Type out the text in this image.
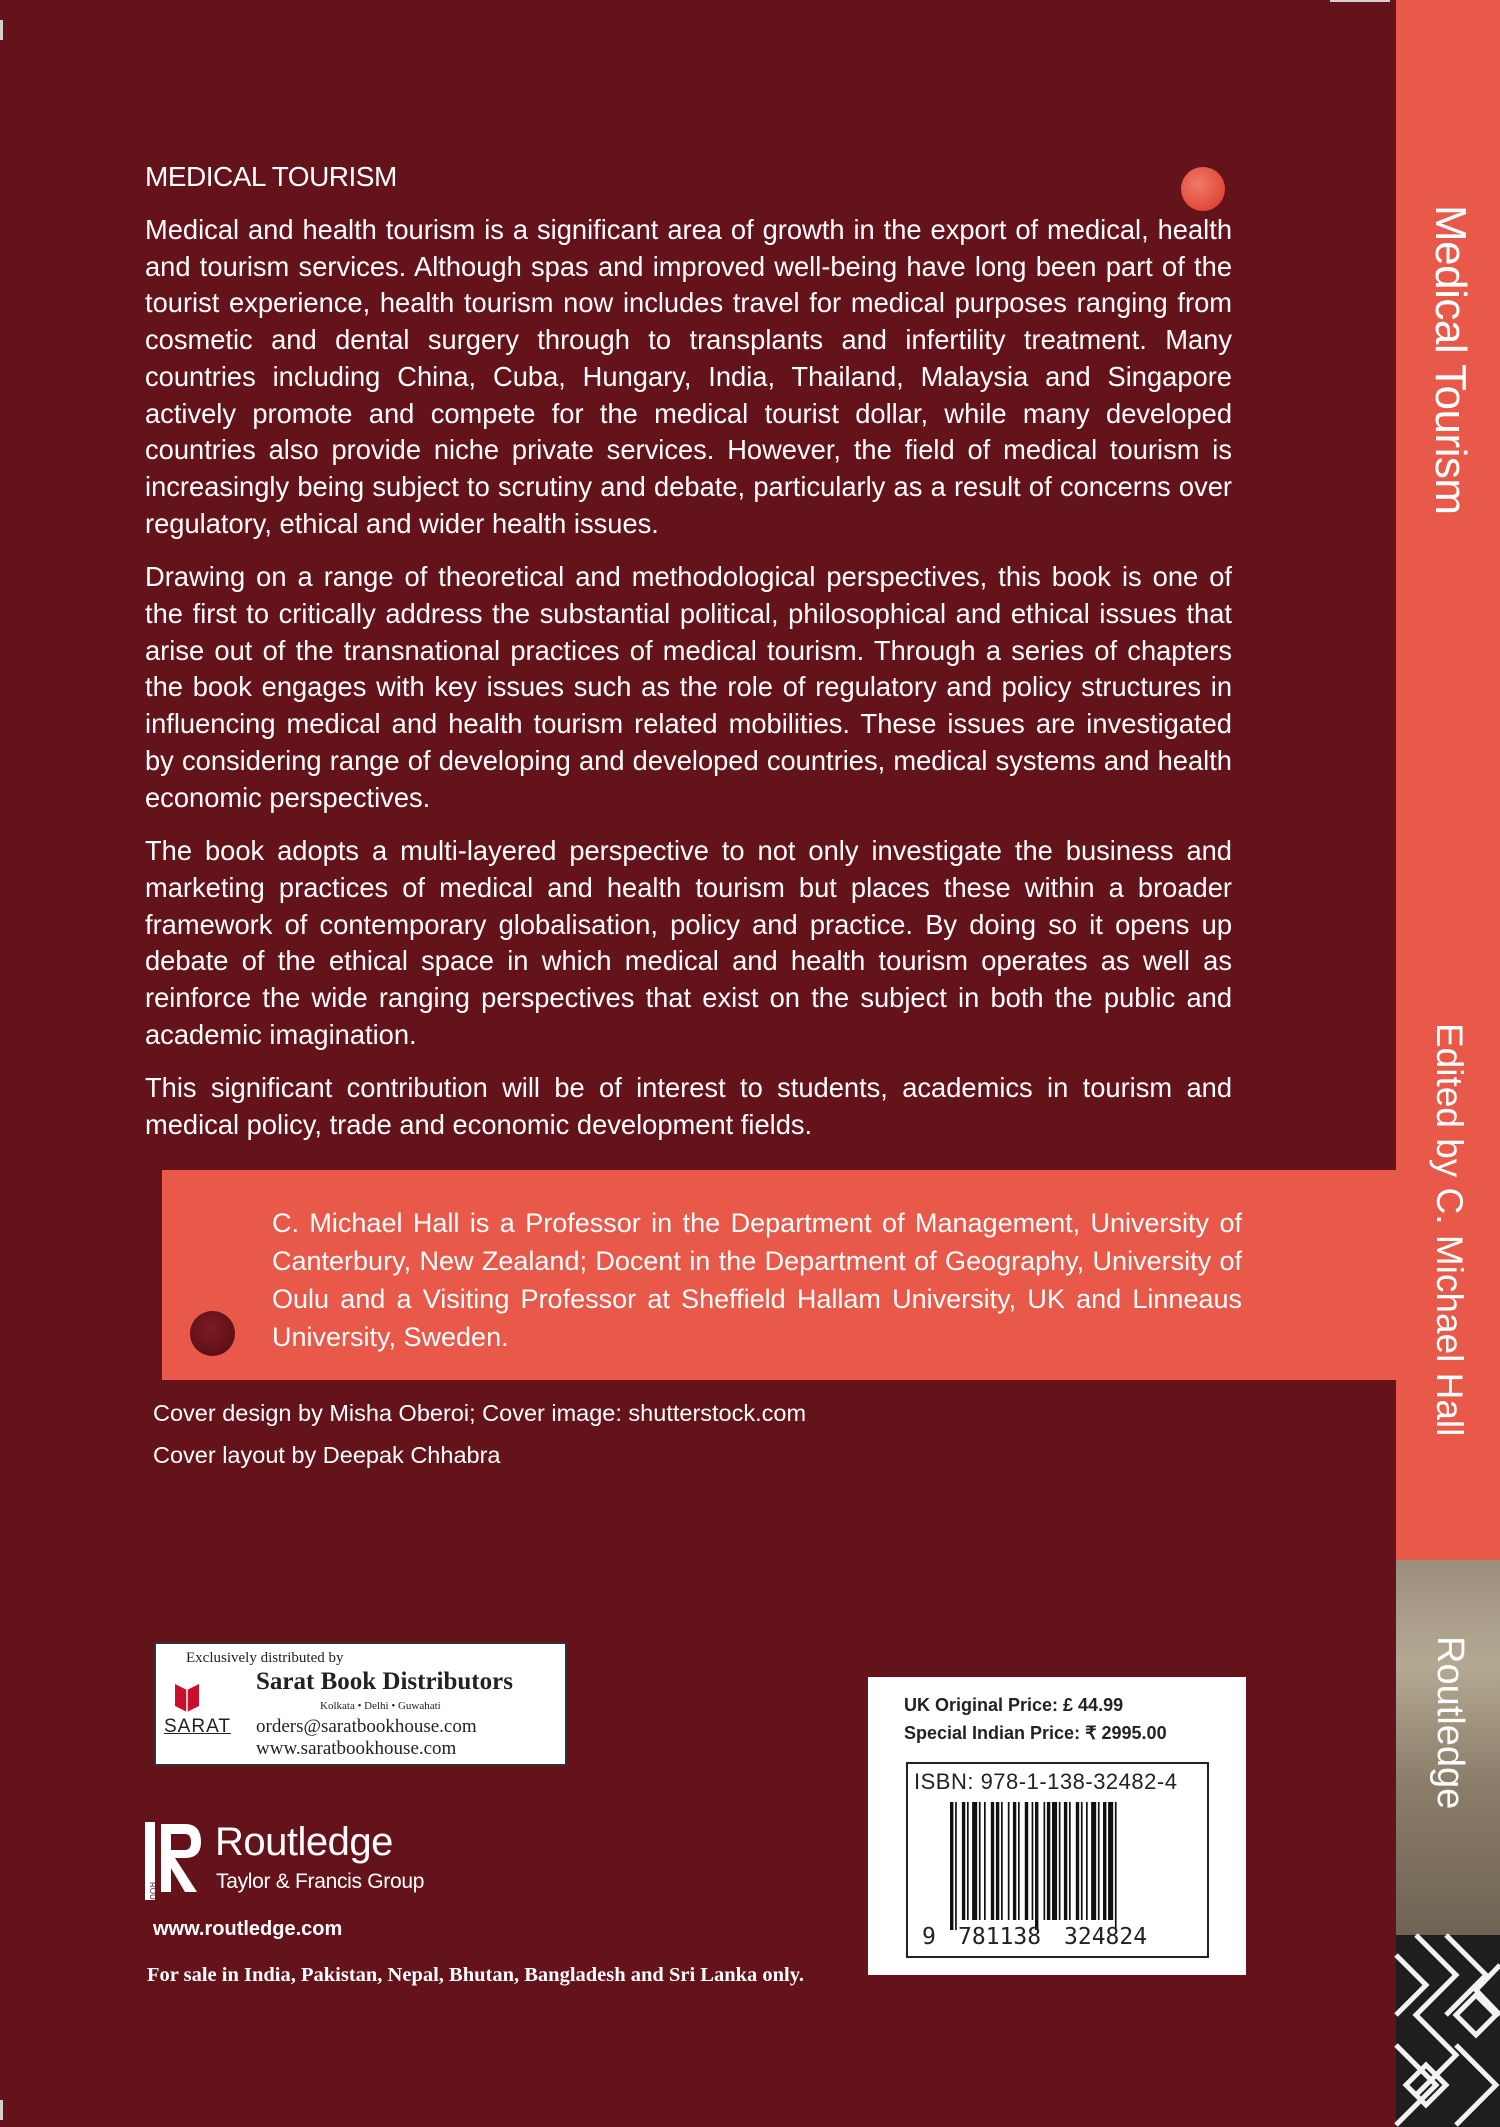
MEDICAL TOURISM

Medical and health tourism is a significant area of growth in the export of medical, health and tourism services. Although spas and improved well-being have long been part of the tourist experience, health tourism now includes travel for medical purposes ranging from cosmetic and dental surgery through to transplants and infertility treatment. Many countries including China, Cuba, Hungary, India, Thailand, Malaysia and Singapore actively promote and compete for the medical tourist dollar, while many developed countries also provide niche private services. However, the field of medical tourism is increasingly being subject to scrutiny and debate, particularly as a result of concerns over regulatory, ethical and wider health issues.

Drawing on a range of theoretical and methodological perspectives, this book is one of the first to critically address the substantial political, philosophical and ethical issues that arise out of the transnational practices of medical tourism. Through a series of chapters the book engages with key issues such as the role of regulatory and policy structures in influencing medical and health tourism related mobilities. These issues are investigated by considering range of developing and developed countries, medical systems and health economic perspectives.

The book adopts a multi-layered perspective to not only investigate the business and marketing practices of medical and health tourism but places these within a broader framework of contemporary globalisation, policy and practice. By doing so it opens up debate of the ethical space in which medical and health tourism operates as well as reinforce the wide ranging perspectives that exist on the subject in both the public and academic imagination.

This significant contribution will be of interest to students, academics in tourism and medical policy, trade and economic development fields.

C. Michael Hall is a Professor in the Department of Management, University of Canterbury, New Zealand; Docent in the Department of Geography, University of Oulu and a Visiting Professor at Sheffield Hallam University, UK and Linneaus University, Sweden.
Cover design by Misha Oberoi; Cover image: shutterstock.com
Cover layout by Deepak Chhabra
Exclusively distributed by
Sarat Book Distributors
Kolkata • Delhi • Guwahati
orders@saratbookhouse.com
www.saratbookhouse.com
SARAT
ROUTLEDGE
Routledge
Taylor & Francis Group
www.routledge.com
For sale in India, Pakistan, Nepal, Bhutan, Bangladesh and Sri Lanka only.
UK Original Price: £ 44.99
Special Indian Price: ₹ 2995.00
ISBN: 978-1-138-32482-4
9 781138 324824
Medical Tourism
Edited by C. Michael Hall
Routledge
